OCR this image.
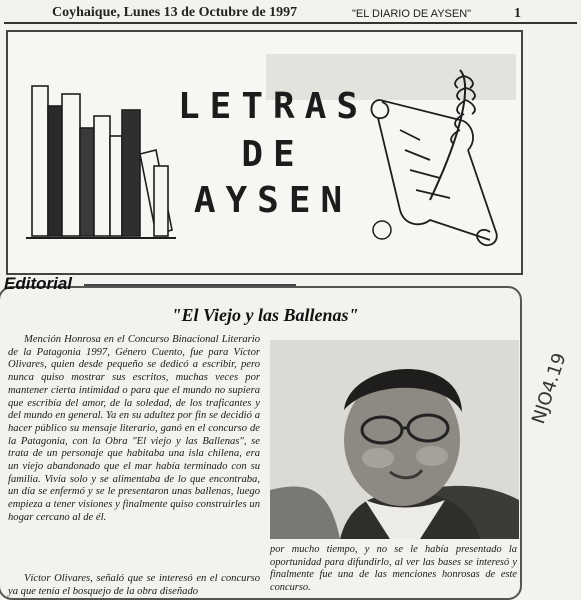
Coyhaique, Lunes 13 de Octubre de 1997	"EL DIARIO DE AYSEN"	1
LETRAS
DE
AYSEN
Editorial
"El Viejo y las Ballenas"
Mención Honrosa en el Concurso Binacional Literario de la Patagonia 1997, Género Cuento, fue para Víctor Olivares, quien desde pequeño se dedicó a escribir, pero nunca quiso mostrar sus escritos, muchas veces por mantener cierta intimidad o para que el mundo no supiera que escribía del amor, de la soledad, de los traficantes y del mundo en general. Ya en su adultez por fin se decidió a hacer público su mensaje literario, ganó en el concurso de la Patagonia, con la Obra "El viejo y las Ballenas", se trata de un personaje que habitaba una isla chilena, era un viejo abandonado que el mar había terminado con su familia. Vivía solo y se alimentaba de lo que encontraba, un día se enfermó y se le presentaron unas ballenas, luego empieza a tener visiones y finalmente quiso construirles un hogar cercano al de él.
Víctor Olivares, señaló que se interesó en el concurso ya que tenía el bosquejo de la obra diseñado
por mucho tiempo, y no se le había presentado la oportunidad para difundirlo, al ver las bases se interesó y finalmente fue una de las menciones honrosas de este concurso.
NJO4.19
